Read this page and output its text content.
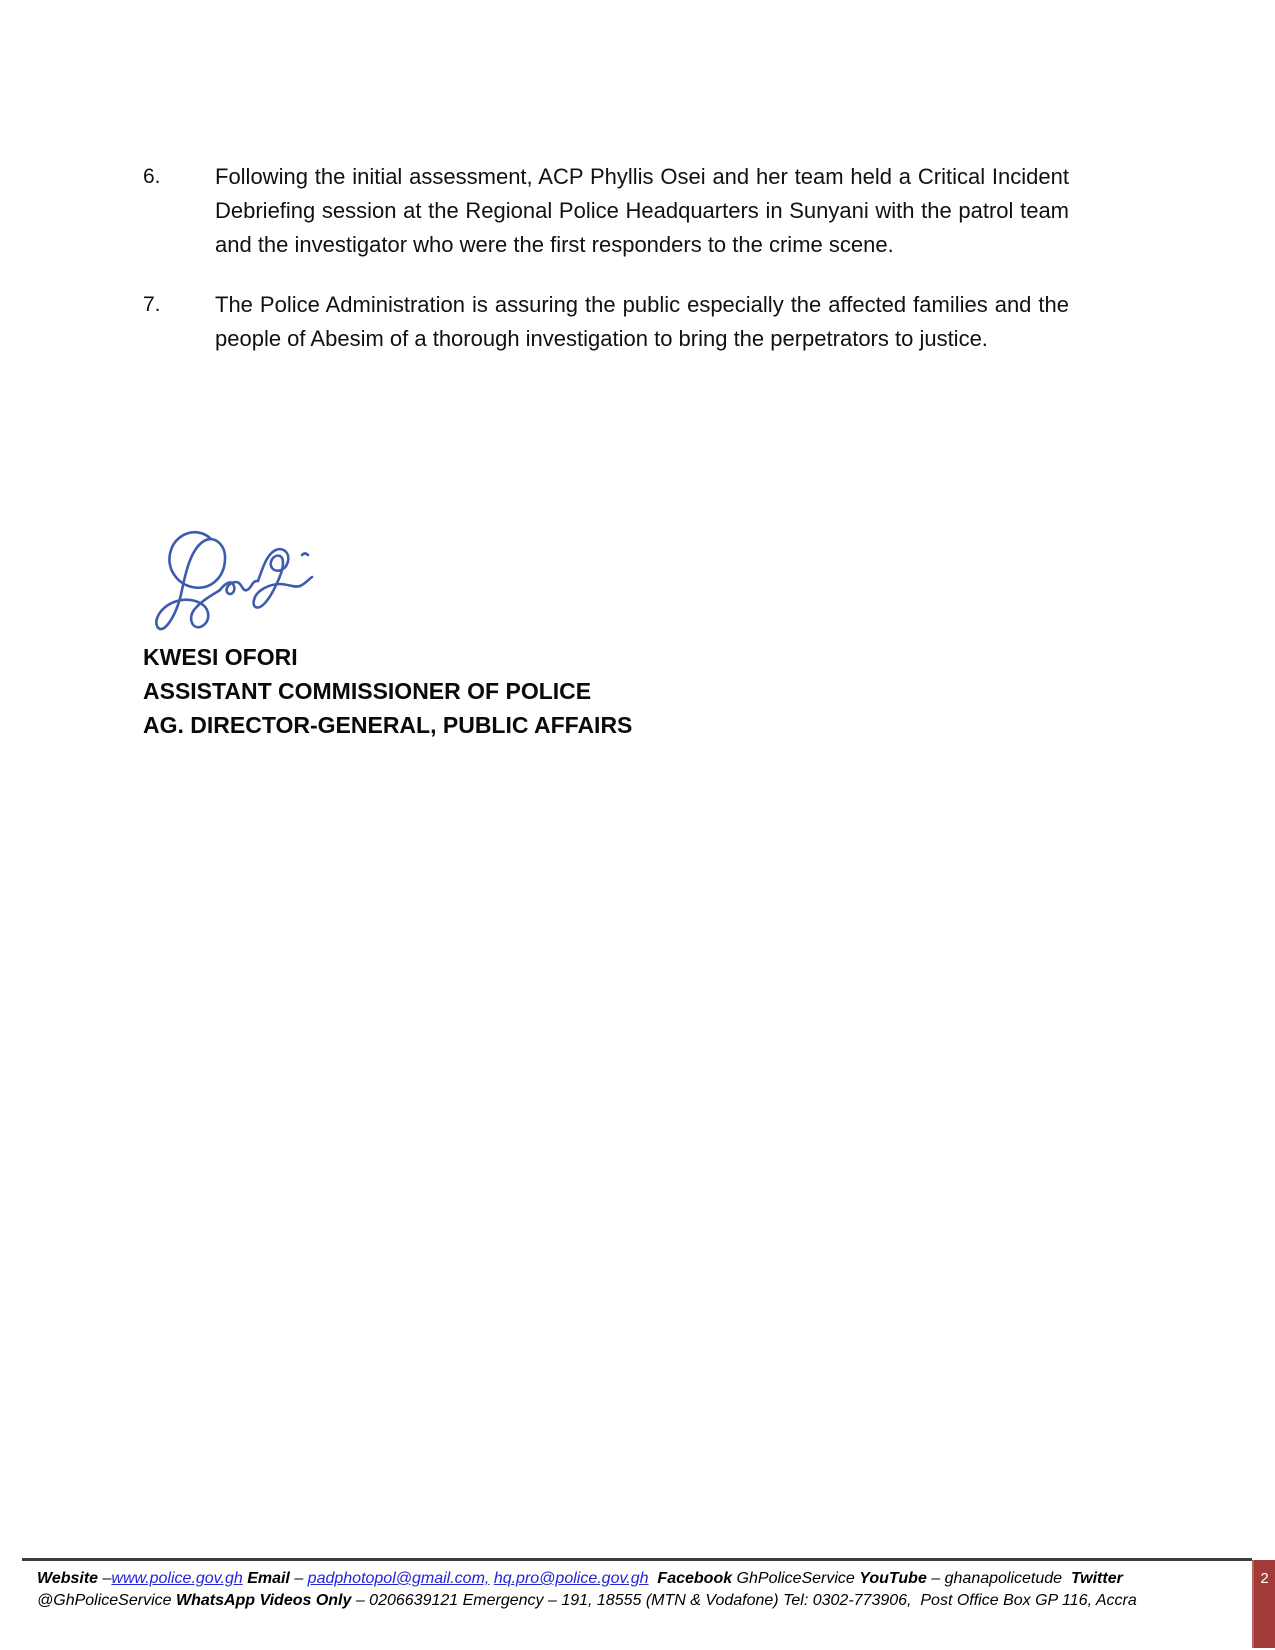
6.	Following the initial assessment, ACP Phyllis Osei and her team held a Critical Incident Debriefing session at the Regional Police Headquarters in Sunyani with the patrol team and the investigator who were the first responders to the crime scene.
7.	The Police Administration is assuring the public especially the affected families and the people of Abesim of a thorough investigation to bring the perpetrators to justice.
KWESI OFORI
ASSISTANT COMMISSIONER OF POLICE
AG. DIRECTOR-GENERAL, PUBLIC AFFAIRS
Website –www.police.gov.gh Email – padphotopol@gmail.com, hq.pro@police.gov.gh Facebook GhPoliceService YouTube – ghanapolicetude  Twitter
@GhPoliceService WhatsApp Videos Only – 0206639121 Emergency – 191, 18555 (MTN & Vodafone) Tel: 0302-773906,  Post Office Box GP 116, Accra
2
